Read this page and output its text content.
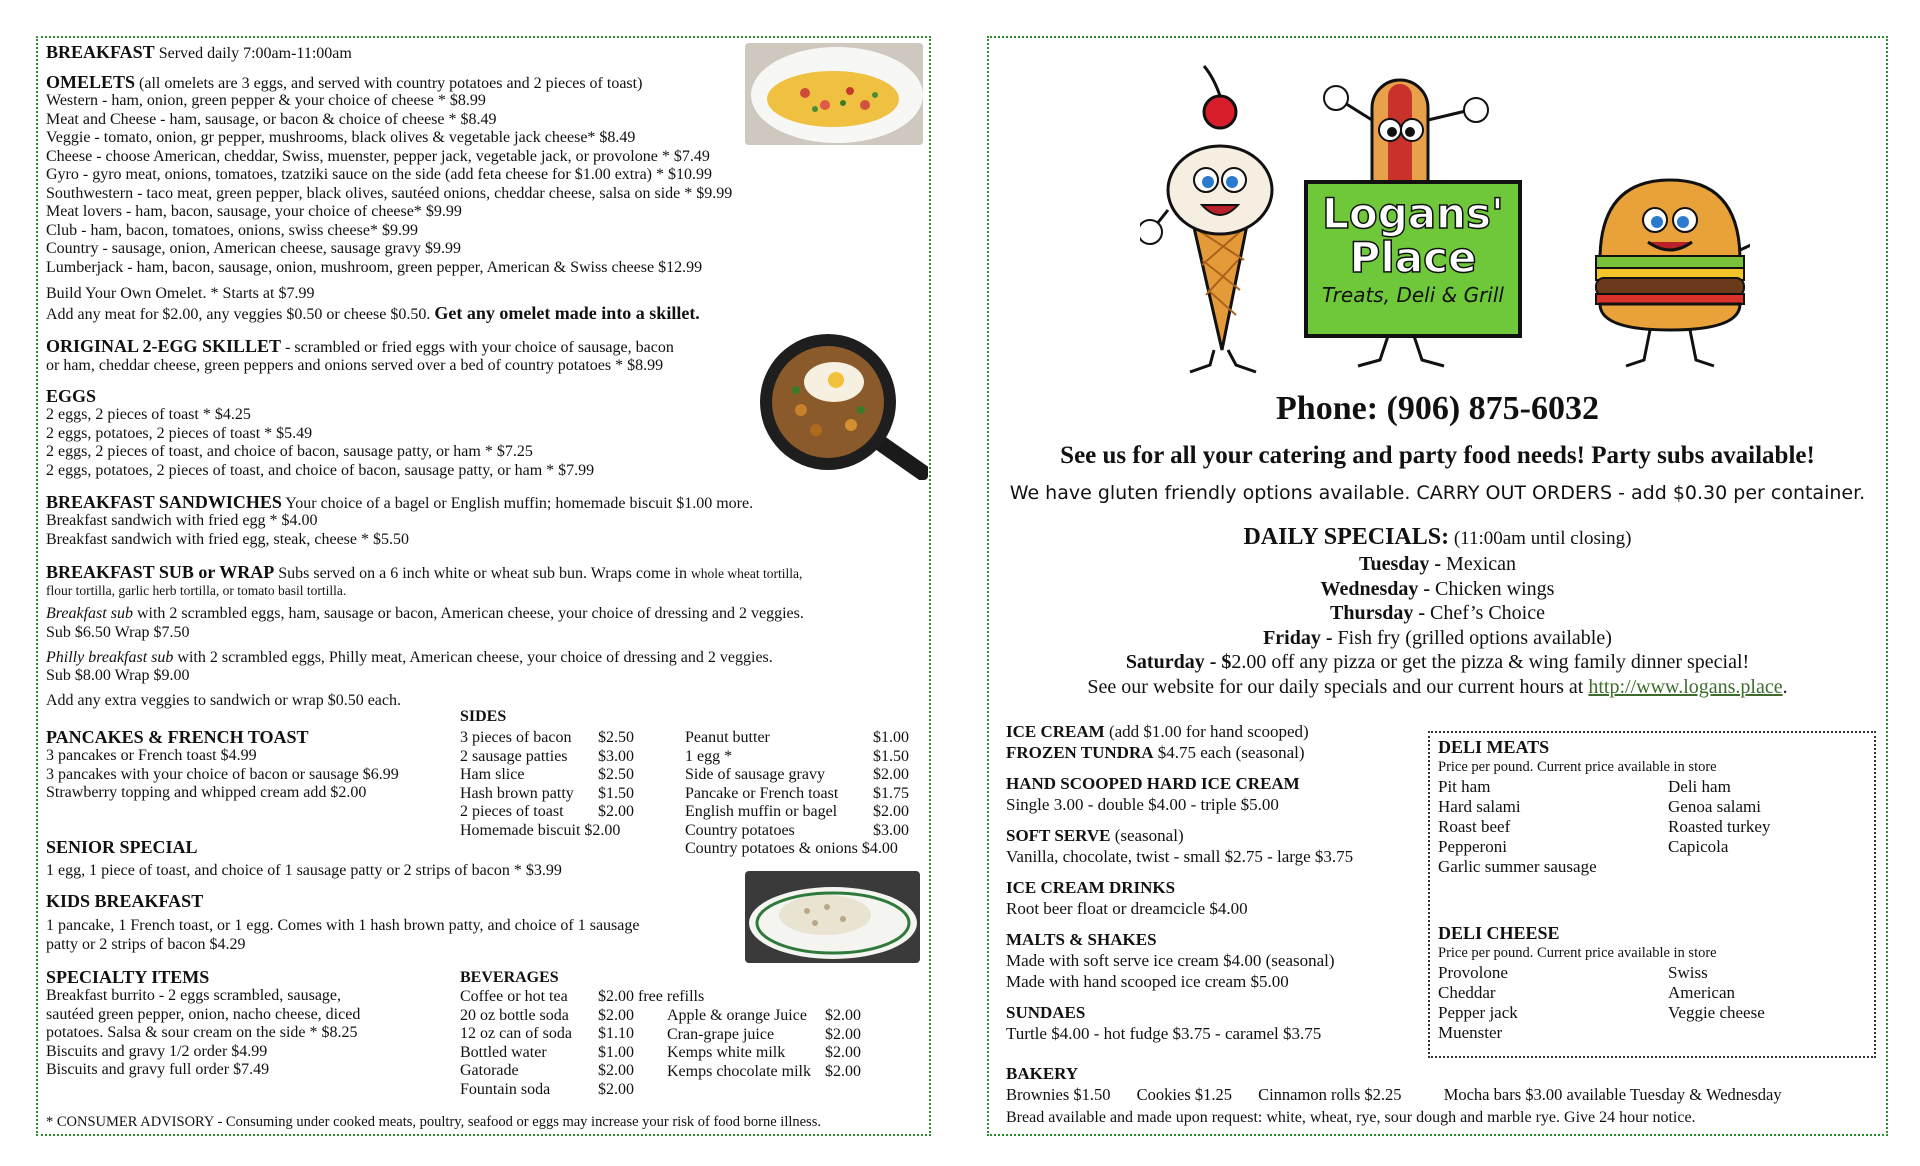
BREAKFAST Served daily 7:00am-11:00am
OMELETS (all omelets are 3 eggs, and served with country potatoes and 2 pieces of toast)
Western - ham, onion, green pepper & your choice of cheese * $8.99
Meat and Cheese - ham, sausage, or bacon & choice of cheese * $8.49
Veggie - tomato, onion, gr pepper, mushrooms, black olives & vegetable jack cheese* $8.49
Cheese - choose American, cheddar, Swiss, muenster, pepper jack, vegetable jack, or provolone * $7.49
Gyro - gyro meat, onions, tomatoes, tzatziki sauce on the side (add feta cheese for $1.00 extra) * $10.99
Southwestern - taco meat, green pepper, black olives, sautéed onions, cheddar cheese, salsa on side * $9.99
Meat lovers - ham, bacon, sausage, your choice of cheese* $9.99
Club - ham, bacon, tomatoes, onions, swiss cheese* $9.99
Country - sausage, onion, American cheese, sausage gravy $9.99
Lumberjack - ham, bacon, sausage, onion, mushroom, green pepper, American & Swiss cheese $12.99
Build Your Own Omelet. * Starts at $7.99
Add any meat for $2.00, any veggies $0.50 or cheese $0.50. Get any omelet made into a skillet.
ORIGINAL 2-EGG SKILLET - scrambled or fried eggs with your choice of sausage, bacon
or ham, cheddar cheese, green peppers and onions served over a bed of country potatoes * $8.99
EGGS
2 eggs, 2 pieces of toast * $4.25
2 eggs, potatoes, 2 pieces of toast * $5.49
2 eggs, 2 pieces of toast, and choice of bacon, sausage patty, or ham * $7.25
2 eggs, potatoes, 2 pieces of toast, and choice of bacon, sausage patty, or ham * $7.99
BREAKFAST SANDWICHES Your choice of a bagel or English muffin; homemade biscuit $1.00 more.
Breakfast sandwich with fried egg * $4.00
Breakfast sandwich with fried egg, steak, cheese * $5.50
BREAKFAST SUB or WRAP Subs served on a 6 inch white or wheat sub bun. Wraps come in whole wheat tortilla,
flour tortilla, garlic herb tortilla, or tomato basil tortilla.
Breakfast sub with 2 scrambled eggs, ham, sausage or bacon, American cheese, your choice of dressing and 2 veggies.
Sub $6.50 Wrap $7.50
Philly breakfast sub with 2 scrambled eggs, Philly meat, American cheese, your choice of dressing and 2 veggies.
Sub $8.00 Wrap $9.00
Add any extra veggies to sandwich or wrap $0.50 each.
PANCAKES & FRENCH TOAST
3 pancakes or French toast $4.99
3 pancakes with your choice of bacon or sausage $6.99
Strawberry topping and whipped cream add $2.00
SIDES
3 pieces of bacon	$2.50
2 sausage patties	$3.00
Ham slice	$2.50
Hash brown patty	$1.50
2 pieces of toast	$2.00
Homemade biscuit $2.00	
Peanut butter	$1.00
1 egg *	$1.50
Side of sausage gravy	$2.00
Pancake or French toast	$1.75
English muffin or bagel	$2.00
Country potatoes	$3.00
Country potatoes & onions $4.00	
SENIOR SPECIAL
1 egg, 1 piece of toast, and choice of 1 sausage patty or 2 strips of bacon * $3.99
KIDS BREAKFAST
1 pancake, 1 French toast, or 1 egg. Comes with 1 hash brown patty, and choice of 1 sausage
patty or 2 strips of bacon $4.29
SPECIALTY ITEMS
Breakfast burrito - 2 eggs scrambled, sausage,
sautéed green pepper, onion, nacho cheese, diced
potatoes. Salsa & sour cream on the side * $8.25
Biscuits and gravy 1/2 order $4.99
Biscuits and gravy full order $7.49
BEVERAGES
Coffee or hot tea	$2.00 free refills
20 oz bottle soda	$2.00
12 oz can of soda	$1.10
Bottled water	$1.00
Gatorade	$2.00
Fountain soda	$2.00
Apple & orange Juice	$2.00
Cran-grape juice	$2.00
Kemps white milk	$2.00
Kemps chocolate milk	$2.00
* CONSUMER ADVISORY - Consuming under cooked meats, poultry, seafood or eggs may increase your risk of food borne illness.
Logans'
Place
Treats, Deli & Grill
Phone: (906) 875-6032
See us for all your catering and party food needs! Party subs available!
We have gluten friendly options available. CARRY OUT ORDERS - add $0.30 per container.
DAILY SPECIALS: (11:00am until closing)
Tuesday - Mexican
Wednesday - Chicken wings
Thursday - Chef’s Choice
Friday - Fish fry (grilled options available)
Saturday - $2.00 off any pizza or get the pizza & wing family dinner special!
See our website for our daily specials and our current hours at http://www.logans.place.
ICE CREAM (add $1.00 for hand scooped)
FROZEN TUNDRA $4.75 each (seasonal)
HAND SCOOPED HARD ICE CREAM
Single 3.00 - double $4.00 - triple $5.00
SOFT SERVE (seasonal)
Vanilla, chocolate, twist - small $2.75 - large $3.75
ICE CREAM DRINKS
Root beer float or dreamcicle $4.00
MALTS & SHAKES
Made with soft serve ice cream $4.00 (seasonal)
Made with hand scooped ice cream $5.00
SUNDAES
Turtle $4.00 - hot fudge $3.75 - caramel $3.75
DELI MEATS
Price per pound. Current price available in store
Pit ham	Deli ham
Hard salami	Genoa salami
Roast beef	Roasted turkey
Pepperoni	Capicola
Garlic summer sausage	
DELI CHEESE
Price per pound. Current price available in store
Provolone	Swiss
Cheddar	American
Pepper jack	Veggie cheese
Muenster	
BAKERY
Brownies $1.50 Cookies $1.25 Cinnamon rolls $2.25	Mocha bars $3.00 available Tuesday & Wednesday
Bread available and made upon request: white, wheat, rye, sour dough and marble rye. Give 24 hour notice.
